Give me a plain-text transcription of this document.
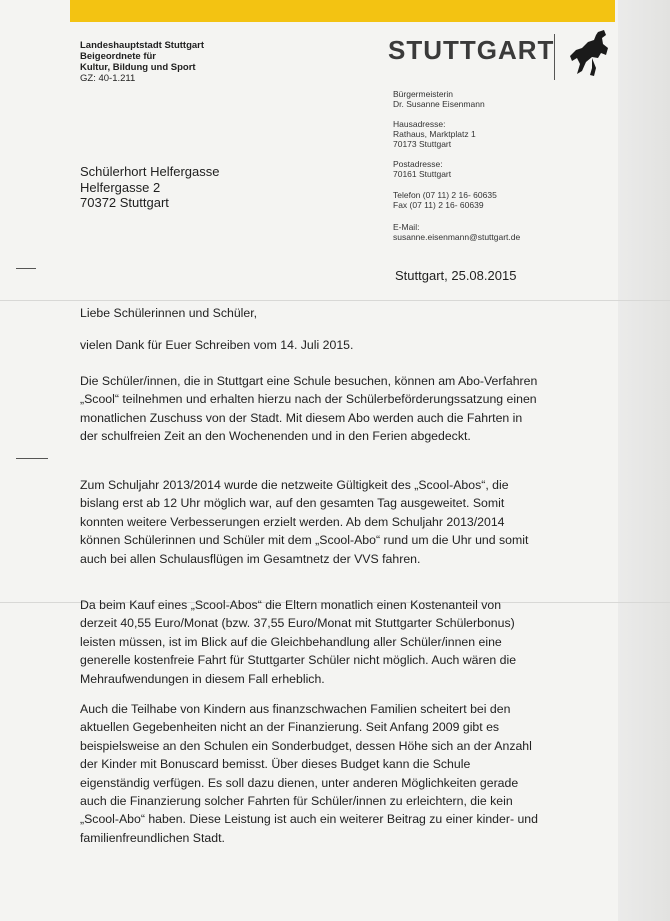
Landeshauptstadt Stuttgart
Beigeordnete für
Kultur, Bildung und Sport
GZ: 40-1.211
STUTTGART
Bürgermeisterin
Dr. Susanne Eisenmann
Hausadresse:
Rathaus, Marktplatz 1
70173 Stuttgart
Postadresse:
70161 Stuttgart
Telefon (07 11) 2 16- 60635
Fax (07 11) 2 16- 60639
E-Mail:
susanne.eisenmann@stuttgart.de
Schülerhort Helfergasse
Helfergasse 2
70372 Stuttgart
Stuttgart, 25.08.2015
Liebe Schülerinnen und Schüler,
vielen Dank für Euer Schreiben vom 14. Juli 2015.
Die Schüler/innen, die in Stuttgart eine Schule besuchen, können am Abo-Verfahren „Scool“ teilnehmen und erhalten hierzu nach der Schülerbeförderungssatzung einen monatlichen Zuschuss von der Stadt. Mit diesem Abo werden auch die Fahrten in der schulfreien Zeit an den Wochenenden und in den Ferien abgedeckt.
Zum Schuljahr 2013/2014 wurde die netzweite Gültigkeit des „Scool-Abos“, die bislang erst ab 12 Uhr möglich war, auf den gesamten Tag ausgeweitet. Somit konnten weitere Verbesserungen erzielt werden. Ab dem Schuljahr 2013/2014 können Schülerinnen und Schüler mit dem „Scool-Abo“ rund um die Uhr und somit auch bei allen Schulausflügen im Gesamtnetz der VVS fahren.
Da beim Kauf eines „Scool-Abos“ die Eltern monatlich einen Kostenanteil von derzeit 40,55 Euro/Monat (bzw. 37,55 Euro/Monat mit Stuttgarter Schülerbonus) leisten müssen, ist im Blick auf die Gleichbehandlung aller Schüler/innen eine generelle kostenfreie Fahrt für Stuttgarter Schüler nicht möglich. Auch wären die Mehraufwendungen in diesem Fall erheblich.
Auch die Teilhabe von Kindern aus finanzschwachen Familien scheitert bei den aktuellen Gegebenheiten nicht an der Finanzierung. Seit Anfang 2009 gibt es beispielsweise an den Schulen ein Sonderbudget, dessen Höhe sich an der Anzahl der Kinder mit Bonuscard bemisst. Über dieses Budget kann die Schule eigenständig verfügen. Es soll dazu dienen, unter anderen Möglichkeiten gerade auch die Finanzierung solcher Fahrten für Schüler/innen zu erleichtern, die kein „Scool-Abo“ haben. Diese Leistung ist auch ein weiterer Beitrag zu einer kinder- und familienfreundlichen Stadt.
